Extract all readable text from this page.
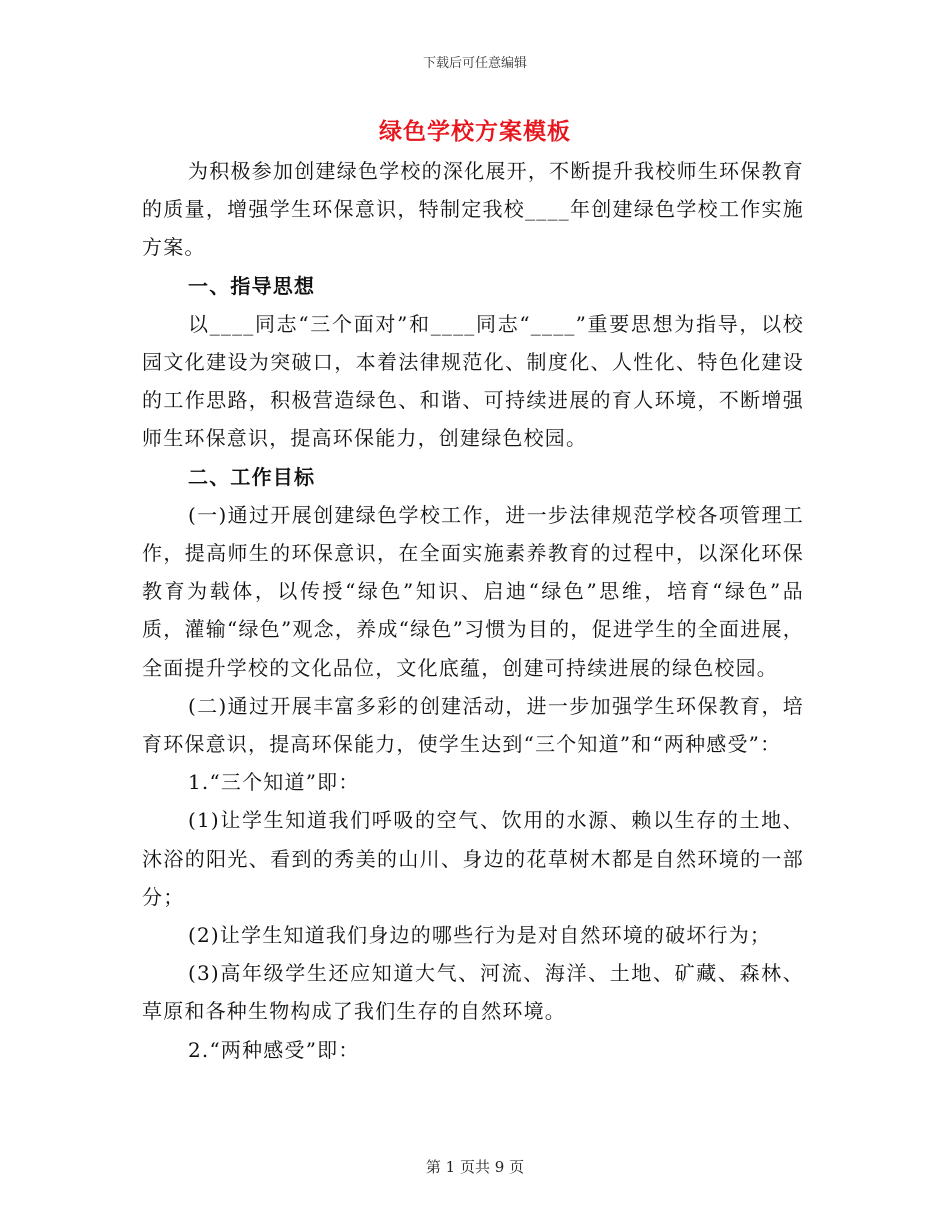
下载后可任意编辑
绿色学校方案模板

为积极参加创建绿色学校的深化展开，不断提升我校师生环保教育的质量，增强学生环保意识，特制定我校____年创建绿色学校工作实施方案。

一、指导思想

以____同志“三个面对”和____同志“____”重要思想为指导，以校园文化建设为突破口，本着法律规范化、制度化、人性化、特色化建设的工作思路，积极营造绿色、和谐、可持续进展的育人环境，不断增强师生环保意识，提高环保能力，创建绿色校园。

二、工作目标

(一)通过开展创建绿色学校工作，进一步法律规范学校各项管理工作，提高师生的环保意识，在全面实施素养教育的过程中，以深化环保教育为载体，以传授“绿色”知识、启迪“绿色”思维，培育“绿色”品质，灌输“绿色”观念，养成“绿色”习惯为目的，促进学生的全面进展，全面提升学校的文化品位，文化底蕴，创建可持续进展的绿色校园。

(二)通过开展丰富多彩的创建活动，进一步加强学生环保教育，培育环保意识，提高环保能力，使学生达到“三个知道”和“两种感受”：

1.“三个知道”即：

(1)让学生知道我们呼吸的空气、饮用的水源、赖以生存的土地、沐浴的阳光、看到的秀美的山川、身边的花草树木都是自然环境的一部分；

(2)让学生知道我们身边的哪些行为是对自然环境的破坏行为；

(3)高年级学生还应知道大气、河流、海洋、土地、矿藏、森林、草原和各种生物构成了我们生存的自然环境。

2.“两种感受”即：

第 1 页共 9 页
